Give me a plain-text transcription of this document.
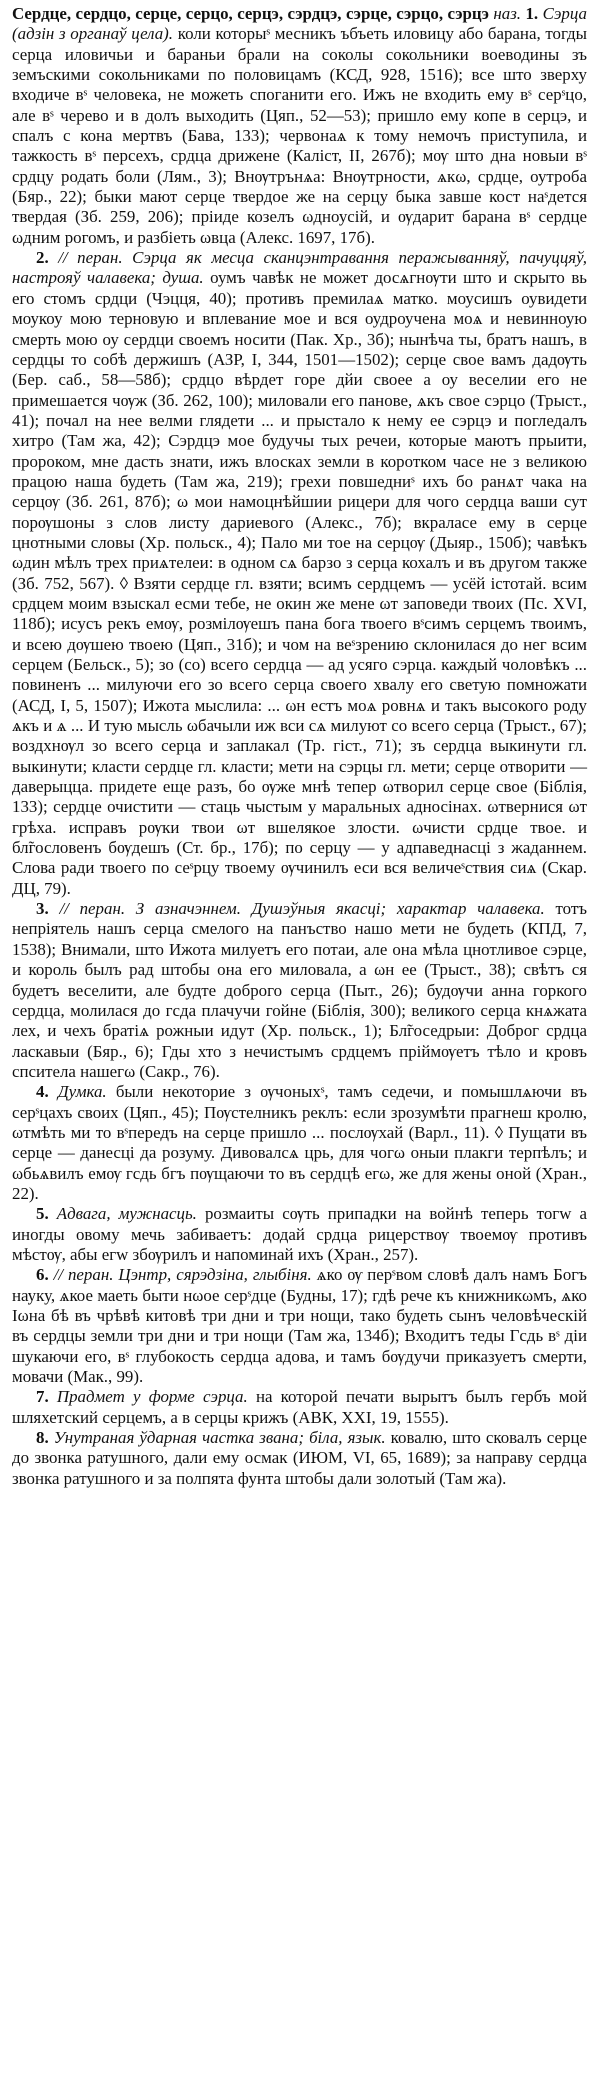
Сердце, сердцо, серце, серцо, серцэ, сэрдцэ, сэрце, сэрцо, сэрцэ наз. 1. Сэрца (адзін з органаў цела). коли которыˢ месникъ ъбъеть иловицу або барана, тогды серца иловичьи и бараньи брали на соколы сокольники воеводины зъ земъскими сокольниками по половицамъ (КСД, 928, 1516); все што зверху входиче вˢ человека, не можеть споганити его. Ижъ не входить ему вˢ серˢцо, але вˢ черево и в долъ выходить (Цяп., 52—53); пришло ему копе в серцэ, и спалъ с кона мертвъ (Бава, 133); червонаѧ к тому немочъ приступила, и тажкость вˢ персехъ, срдца дрижене (Калiст, II, 267б); мѹ што дна новыи вˢ срдцу родать боли (Лям., 3); Внѹтрънѧа: Внѹтрности, ѧкω, срдце, оутроба (Бяр., 22); быки мают серце твердое же на серцу быка завше кост наˢдется твердая (Зб. 259, 206); прiиде козелъ ωдноусiй, и ѹдарит барана вˢ сердце ωдним рогомъ, и разбiеть ωвца (Алекс. 1697, 17б).

2. // перан. Сэрца як месца сканцэнтравання перажыванняў, пачуццяў, настрояў чалавека; душа. оумъ чавѣк не может досѧгнѹти што и скрыто вь его стомъ срдци (Чэцця, 40); противъ премилаѧ матко. моусишъ оувидети моукоу мою терновую и вплевание мое и вся оудроучена моѧ и невинноую смерть мою оу сердци своемъ носити (Пак. Хр., 3б); нынѣча ты, братъ нашъ, в сердцы то собѣ держишъ (АЗР, I, 344, 1501—1502); серце свое вамъ дадѹть (Бер. саб., 58—58б); срдцо вѣрдет горе дйи своее а оу веселии его не примешается чѹж (Зб. 262, 100); миловали его панове, ѧкъ свое сэрцо (Трыст., 41); почал на нее велми глядети ... и прыстало к нему ее сэрцэ и погледалъ хитро (Там жа, 42); Сэрдцэ мое будучы тых речеи, которые маютъ прыити, пророком, мне дасть знати, ижъ влосках земли в коротком часе не з великою працою наша будеть (Там жа, 219); грехи повшедниˢ ихъ бо ранѧт чака на серцѹ (Зб. 261, 87б); ω мои намоцнѣйшии рицери для чого сердца ваши сут порѹшоны з слов листу дариевого (Алекс., 7б); вкраласе ему в серце цнотными словы (Хр. польск., 4); Пало ми тое на серцѹ (Дыяр., 150б); чавѣкъ ωдин мѣлъ трех приѧтелеи: в одном сѧ барзо з серца кохалъ и въ другом также (Зб. 752, 567). ◊ Взяти сердце гл. взяти; всимъ сердцемъ — усёй істотай. всим срдцем моим взыскал есми тебе, не окин же мене ωт заповеди твоих (Пс. XVI, 118б); исусъ рекъ емѹ, розмiлѹешъ пана бога твоего вˢсимъ серцемъ твоимъ, и всею дѹшею твоею (Цяп., 31б); и чом на веˢзрению склонилася до нег всим серцем (Бельск., 5); зо (со) всего сердца — ад усяго сэрца. каждый чоловѣкъ ... повиненъ ... милуючи его зо всего серца своего хвалу его светую помножати (АСД, I, 5, 1507); Ижота мыслила: ... ωн естъ моѧ ровнѧ и такъ высокого роду ѧкъ и ѧ ... И тую мысль ωбачыли иж вси сѧ милуют со всего серца (Трыст., 67); воздхнѹл зо всего серца и заплакал (Тр. гіст., 71); зъ сердца выкинути гл. выкинути; класти сердце гл. класти; мети на сэрцы гл. мети; серце отворити — даверыцца. придете еще разъ, бо ѹже мнѣ тепер ωтворил серце свое (Бiблiя, 133); сердце очистити — стаць чыстым у маральных адносінах. ωтвернися ωт грѣха. исправъ рѹки твои ωт вшелякое злости. ωчисти срдце твое. и бл̃гословенъ бѹдешъ (Ст. бр., 17б); по серцу — у адпаведнасці з жаданнем. Слова ради твоего по сеˢрцу твоему ѹчинилъ еси вся величеˢствия сиѧ (Скар. ДЦ, 79).

3. // перан. З азначэннем. Душэўныя якасці; характар чалавека. тотъ непрiятель нашъ серца смелого на панъство нашо мети не будеть (КПД, 7, 1538); Внимали, што Ижота милуетъ его потаи, але она мѣла цнотливое сэрце, и король былъ рад штобы она его миловала, а ωн ее (Трыст., 38); свѣтъ ся будетъ веселити, але будте доброго серца (Пыт., 26); будѹчи анна горкого сердца, молилася до гсда плачучи гойне (Бiблiя, 300); великого серца кнѧжата лех, и чехъ братiѧ рожныи идут (Хр. польск., 1); Бл̃госедрыи: Доброг срдца ласкавыи (Бяр., 6); Гды хто з нечистымъ срдцемъ прiймѹетъ тѣло и кровъ спситела нашегω (Сакр., 76).

4. Думка. были некоторие з ѹчоныхˢ, тамъ седечи, и помышлѧючи въ серˢцахъ своих (Цяп., 45); Пѹстелникъ реклъ: если зрозумѣти прагнеш кролю, ωтмѣть ми то вˢпередъ на серце пришло ... послѹхай (Варл., 11). ◊ Пущати въ серце — данесці да розуму. Дивовалсѧ црь, для чогω оныи плакги терпѣлъ; и ωбьѧвилъ емѹ гсдь бгъ пѹщаючи то въ сердцѣ егω, же для жены оной (Хран., 22).

5. Адвага, мужнасць. розмаиты сѹть припадки на войнѣ теперь тогw а иногды овому мечь забиваетъ: додай срдца рицерствѹ твоемѹ противъ мѣстѹ, абы егw збѹрилъ и напоминай ихъ (Хран., 257).

6. // перан. Цэнтр, сярэдзіна, глыбіня. ѧко ѹ перˢвом словѣ далъ намъ Богъ науку, ѧкое маеть быти нωое серˢдце (Будны, 17); гдѣ рече къ книжникωмъ, ѧко Iωна бѣ въ чрѣвѣ китовѣ три дни и три нощи, тако будеть сынъ человѣческiй въ сердцы земли три дни и три нощи (Там жа, 134б); Входитъ теды Гсдь вˢ дiи шукаючи его, вˢ глубокость сердца адова, и тамъ бѹдучи приказуетъ смерти, мовачи (Мак., 99).

7. Прадмет у форме сэрца. на которой печати вырытъ былъ гербъ мой шляхетский серцемъ, а в серцы крижъ (АВК, XXI, 19, 1555).

8. Унутраная ўдарная частка звана; біла, язык. ковалю, што сковалъ серце до звонка ратушного, дали ему осмак (ИЮМ, VI, 65, 1689); за направу сердца звонка ратушного и за полпята фунта штобы дали золотый (Там жа).
